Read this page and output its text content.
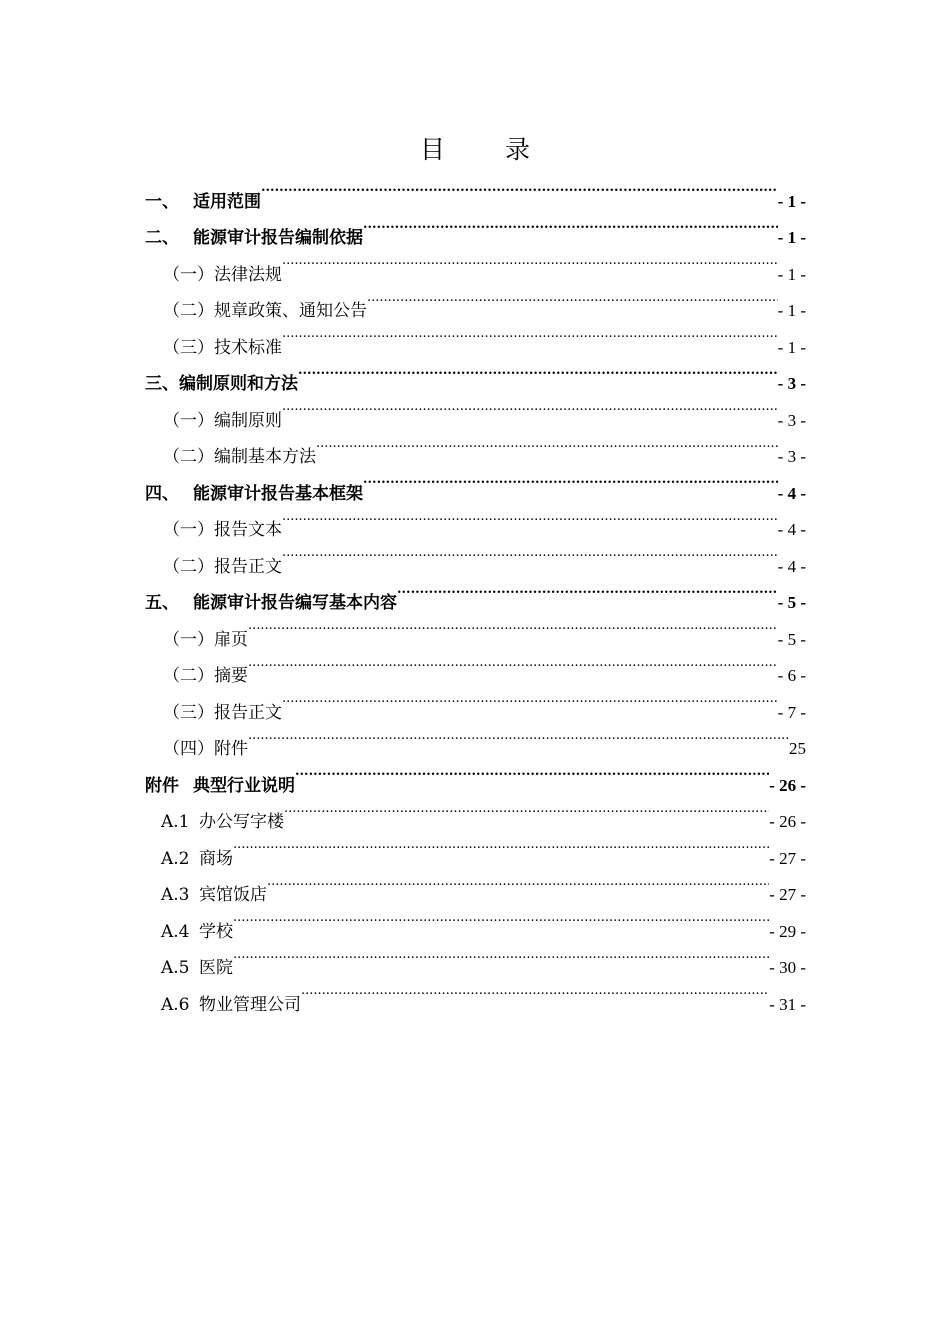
目 录
一、 适用范围 .....	- 1 -
二、 能源审计报告编制依据 .....	- 1 -
（一） 法律法规 .....	- 1 -
（二） 规章政策、通知公告 .....	- 1 -
（三） 技术标准 .....	- 1 -
三、 编制原则和方法 .....	- 3 -
（一） 编制原则 .....	- 3 -
（二） 编制基本方法 .....	- 3 -
四、 能源审计报告基本框架 .....	- 4 -
（一） 报告文本 .....	- 4 -
（二） 报告正文 .....	- 4 -
五、 能源审计报告编写基本内容 .....	- 5 -
（一） 扉页 .....	- 5 -
（二） 摘要 .....	- 6 -
（三） 报告正文 .....	- 7 -
（四） 附件 .....	25
附件 典型行业说明 .....	- 26 -
A.1 办公写字楼 .....	- 26 -
A.2 商场 .....	- 27 -
A.3 宾馆饭店 .....	- 27 -
A.4 学校 .....	- 29 -
A.5 医院 .....	- 30 -
A.6 物业管理公司 .....	- 31 -
